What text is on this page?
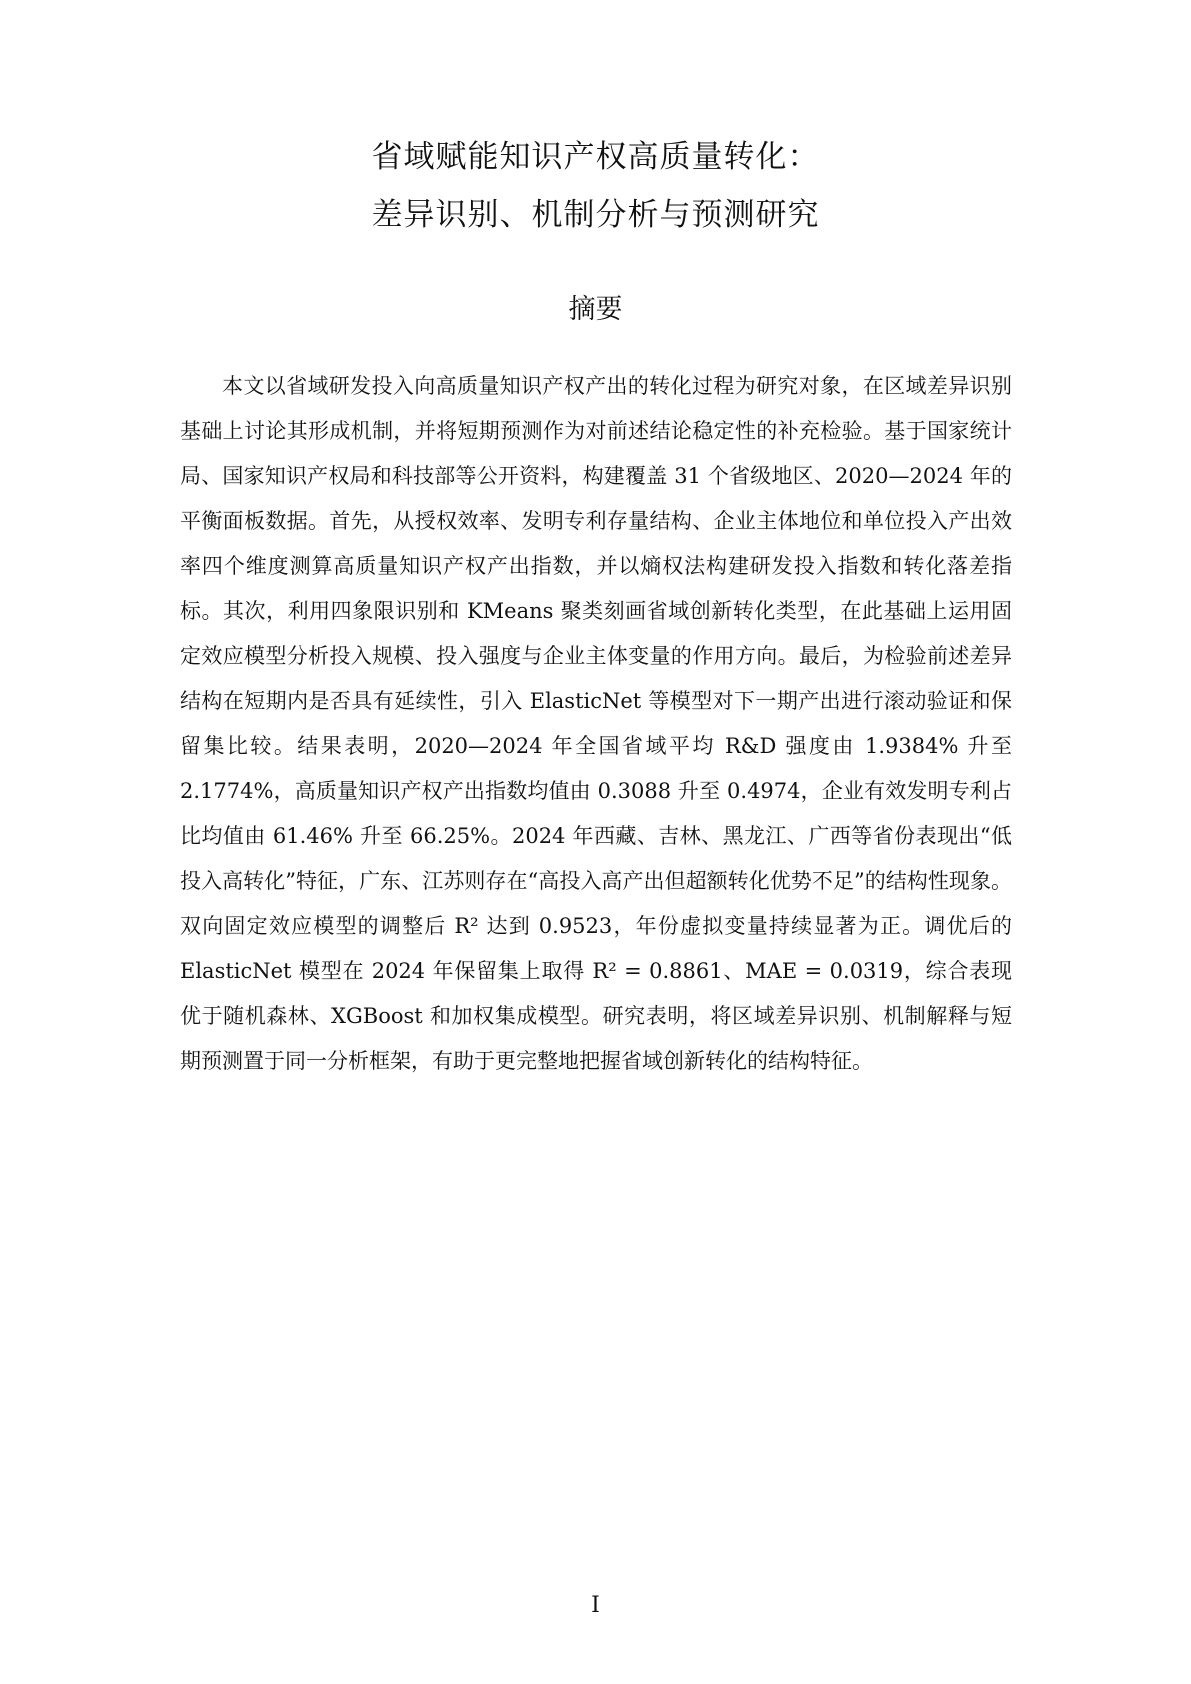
省域赋能知识产权高质量转化：
差异识别、机制分析与预测研究
摘要

本文以省域研发投入向高质量知识产权产出的转化过程为研究对象，在区域差异识别基础上讨论其形成机制，并将短期预测作为对前述结论稳定性的补充检验。基于国家统计局、国家知识产权局和科技部等公开资料，构建覆盖 31 个省级地区、2020—2024 年的平衡面板数据。首先，从授权效率、发明专利存量结构、企业主体地位和单位投入产出效率四个维度测算高质量知识产权产出指数，并以熵权法构建研发投入指数和转化落差指标。其次，利用四象限识别和 KMeans 聚类刻画省域创新转化类型，在此基础上运用固定效应模型分析投入规模、投入强度与企业主体变量的作用方向。最后，为检验前述差异结构在短期内是否具有延续性，引入 ElasticNet 等模型对下一期产出进行滚动验证和保留集比较。结果表明，2020—2024 年全国省域平均 R&D 强度由 1.9384% 升至 2.1774%，高质量知识产权产出指数均值由 0.3088 升至 0.4974，企业有效发明专利占比均值由 61.46% 升至 66.25%。2024 年西藏、吉林、黑龙江、广西等省份表现出“低投入高转化”特征，广东、江苏则存在“高投入高产出但超额转化优势不足”的结构性现象。双向固定效应模型的调整后 R² 达到 0.9523，年份虚拟变量持续显著为正。调优后的 ElasticNet 模型在 2024 年保留集上取得 R² = 0.8861、MAE = 0.0319，综合表现优于随机森林、XGBoost 和加权集成模型。研究表明，将区域差异识别、机制解释与短期预测置于同一分析框架，有助于更完整地把握省域创新转化的结构特征。

I
